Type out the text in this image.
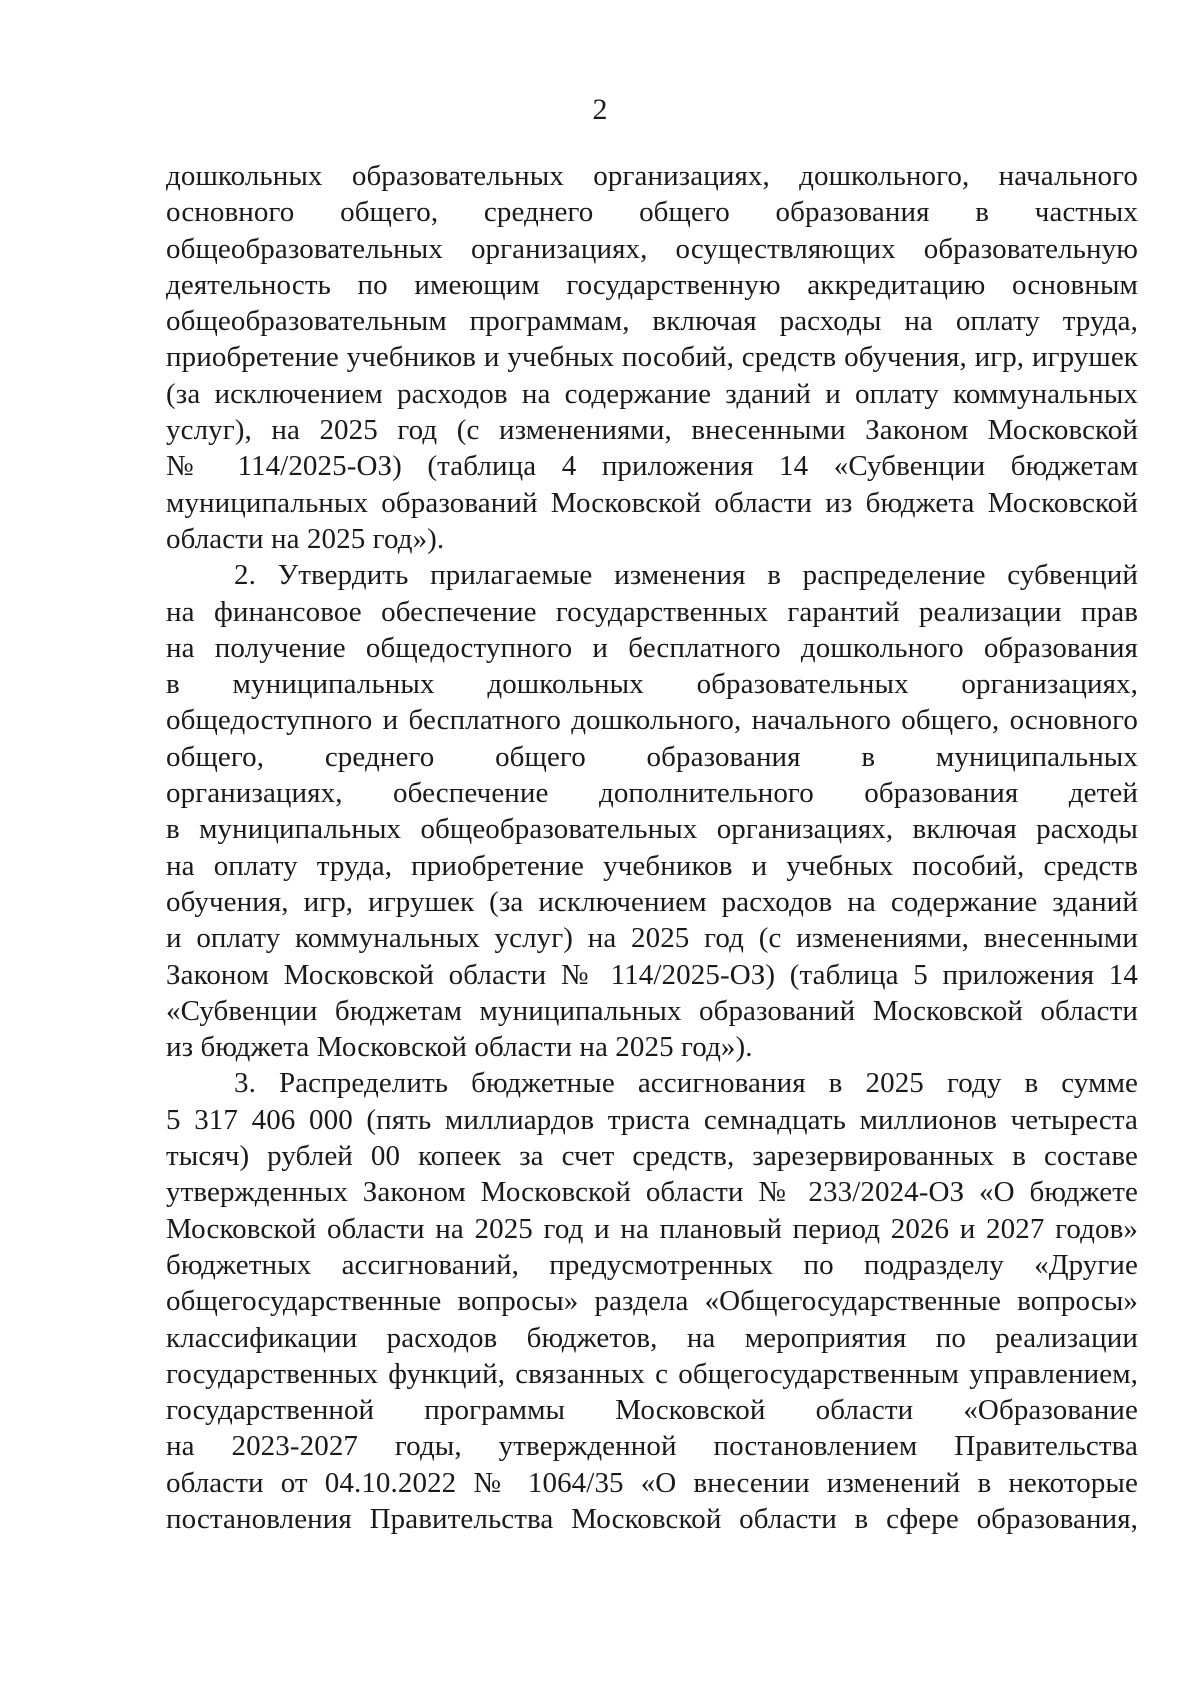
2
дошкольных образовательных организациях, дошкольного, начального
основного общего, среднего общего образования в частных
общеобразовательных организациях, осуществляющих образовательную
деятельность по имеющим государственную аккредитацию основным
общеобразовательным программам, включая расходы на оплату труда,
приобретение учебников и учебных пособий, средств обучения, игр, игрушек
(за исключением расходов на содержание зданий и оплату коммунальных
услуг), на 2025 год (с изменениями, внесенными Законом Московской
№ 114/2025-ОЗ) (таблица 4 приложения 14 «Субвенции бюджетам
муниципальных образований Московской области из бюджета Московской
области на 2025 год»).
2. Утвердить прилагаемые изменения в распределение субвенций
на финансовое обеспечение государственных гарантий реализации прав
на получение общедоступного и бесплатного дошкольного образования
в муниципальных дошкольных образовательных организациях,
общедоступного и бесплатного дошкольного, начального общего, основного
общего, среднего общего образования в муниципальных
организациях, обеспечение дополнительного образования детей
в муниципальных общеобразовательных организациях, включая расходы
на оплату труда, приобретение учебников и учебных пособий, средств
обучения, игр, игрушек (за исключением расходов на содержание зданий
и оплату коммунальных услуг) на 2025 год (с изменениями, внесенными
Законом Московской области № 114/2025-ОЗ) (таблица 5 приложения 14
«Субвенции бюджетам муниципальных образований Московской области
из бюджета Московской области на 2025 год»).
3. Распределить бюджетные ассигнования в 2025 году в сумме
5 317 406 000 (пять миллиардов триста семнадцать миллионов четыреста
тысяч) рублей 00 копеек за счет средств, зарезервированных в составе
утвержденных Законом Московской области № 233/2024-ОЗ «О бюджете
Московской области на 2025 год и на плановый период 2026 и 2027 годов»
бюджетных ассигнований, предусмотренных по подразделу «Другие
общегосударственные вопросы» раздела «Общегосударственные вопросы»
классификации расходов бюджетов, на мероприятия по реализации
государственных функций, связанных с общегосударственным управлением,
государственной программы Московской области «Образование
на 2023-2027 годы, утвержденной постановлением Правительства
области от 04.10.2022 № 1064/35 «О внесении изменений в некоторые
постановления Правительства Московской области в сфере образования,
